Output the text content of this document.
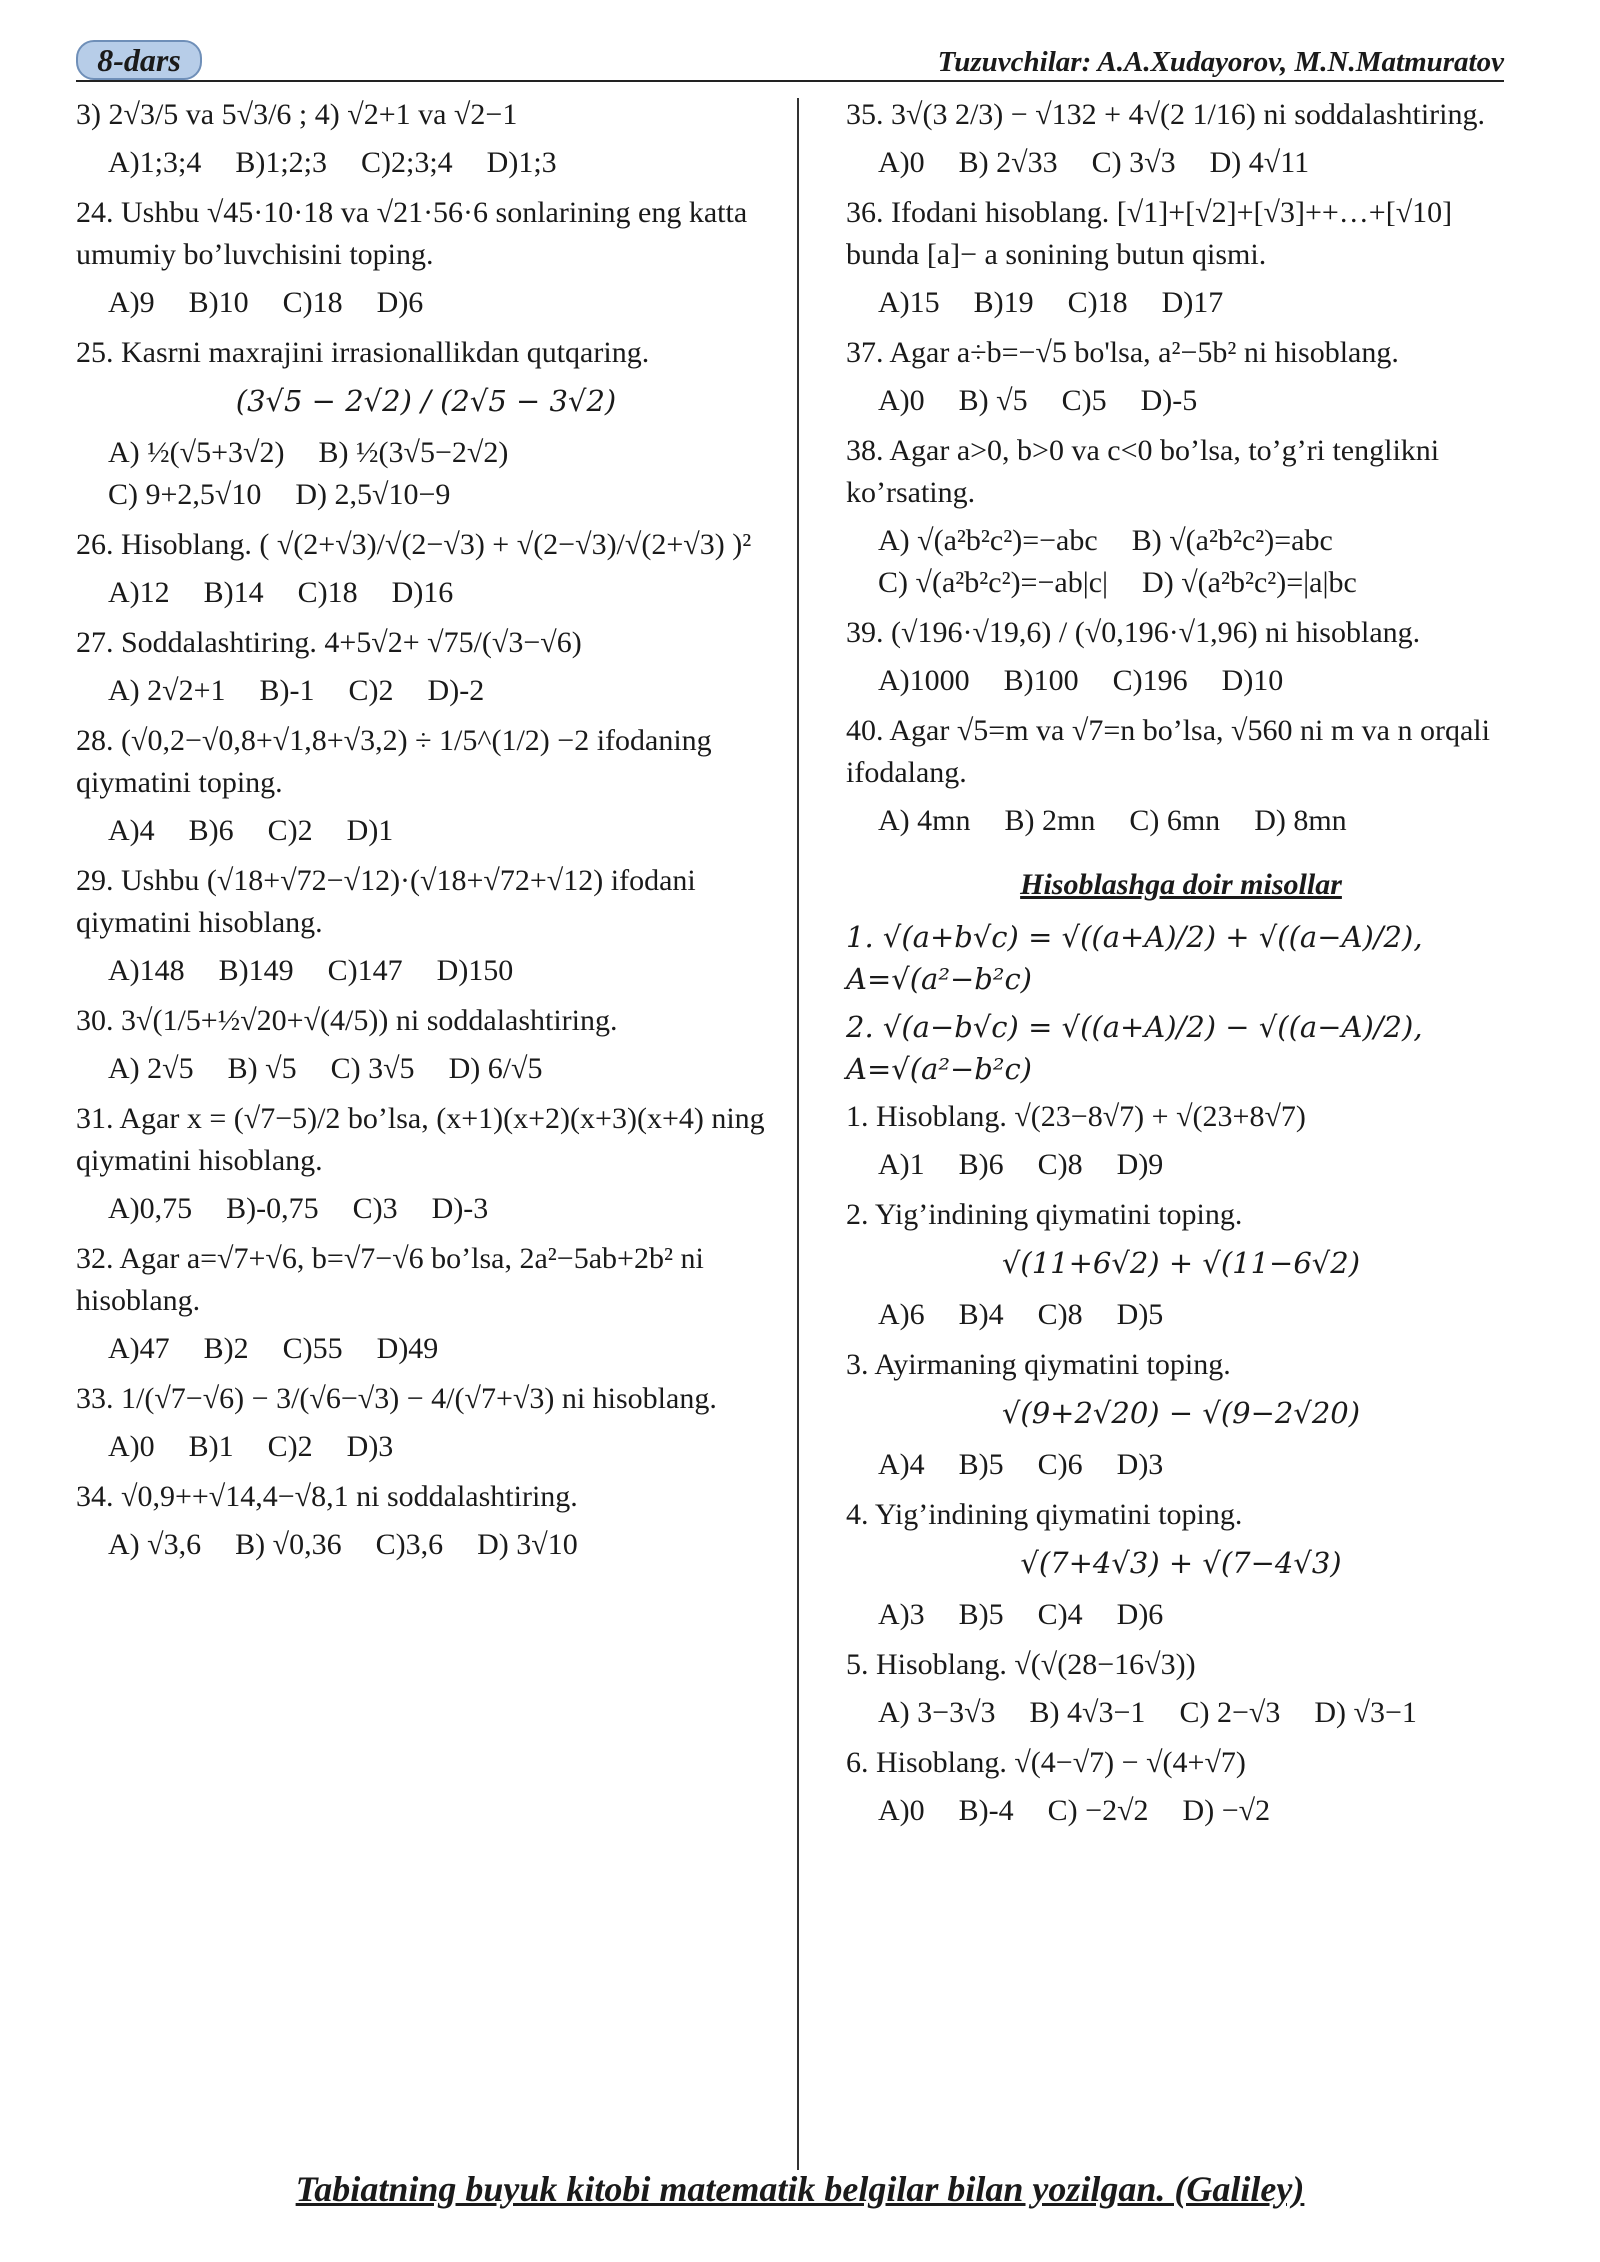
8-dars	Tuzuvchilar: A.A.Xudayorov, M.N.Matmuratov
3) 2√3/5 va 5√3/6 ; 4) √2+1 va √2−1
A)1;3;4 B)1;2;3 C)2;3;4 D)1;3
24. Ushbu √45·10·18 va √21·56·6 sonlarining eng katta umumiy bo’luvchisini toping.
A)9 B)10 C)18 D)6
25. Kasrni maxrajini irrasionallikdan qutqaring.
(3√5 − 2√2) / (2√5 − 3√2)
A) ½(√5+3√2) B) ½(3√5−2√2)
C) 9+2,5√10 D) 2,5√10−9
26. Hisoblang. ( √(2+√3)/√(2−√3) + √(2−√3)/√(2+√3) )²
A)12 B)14 C)18 D)16
27. Soddalashtiring. 4+5√2+ √75/(√3−√6)
A) 2√2+1 B)-1 C)2 D)-2
28. (√0,2−√0,8+√1,8+√3,2) ÷ 1/5^(1/2) −2 ifodaning qiymatini toping.
A)4 B)6 C)2 D)1
29. Ushbu (√18+√72−√12)·(√18+√72+√12) ifodani qiymatini hisoblang.
A)148 B)149 C)147 D)150
30. 3√(1/5+½√20+√(4/5)) ni soddalashtiring.
A) 2√5 B) √5 C) 3√5 D) 6/√5
31. Agar x = (√7−5)/2 bo’lsa, (x+1)(x+2)(x+3)(x+4) ning qiymatini hisoblang.
A)0,75 B)-0,75 C)3 D)-3
32. Agar a=√7+√6, b=√7−√6 bo’lsa, 2a²−5ab+2b² ni hisoblang.
A)47 B)2 C)55 D)49
33. 1/(√7−√6) − 3/(√6−√3) − 4/(√7+√3) ni hisoblang.
A)0 B)1 C)2 D)3
34. √0,9++√14,4−√8,1 ni soddalashtiring.
A) √3,6 B) √0,36 C)3,6 D) 3√10
35. 3√(3 2/3) − √132 + 4√(2 1/16) ni soddalashtiring.
A)0 B) 2√33 C) 3√3 D) 4√11
36. Ifodani hisoblang. [√1]+[√2]+[√3]++…+[√10] bunda [a]− a sonining butun qismi.
A)15 B)19 C)18 D)17
37. Agar a÷b=−√5 bo'lsa, a²−5b² ni hisoblang.
A)0 B) √5 C)5 D)-5
38. Agar a>0, b>0 va c<0 bo’lsa, to’g’ri tenglikni ko’rsating.
A) √(a²b²c²)=−abc B) √(a²b²c²)=abc
C) √(a²b²c²)=−ab|c| D) √(a²b²c²)=|a|bc
39. (√196·√19,6) / (√0,196·√1,96) ni hisoblang.
A)1000 B)100 C)196 D)10
40. Agar √5=m va √7=n bo’lsa, √560 ni m va n orqali ifodalang.
A) 4mn B) 2mn C) 6mn D) 8mn
Hisoblashga doir misollar
1. √(a+b√c) = √((a+A)/2) + √((a−A)/2), A=√(a²−b²c)
2. √(a−b√c) = √((a+A)/2) − √((a−A)/2), A=√(a²−b²c)
1. Hisoblang. √(23−8√7) + √(23+8√7)
A)1 B)6 C)8 D)9
2. Yig’indining qiymatini toping.
√(11+6√2) + √(11−6√2)
A)6 B)4 C)8 D)5
3. Ayirmaning qiymatini toping.
√(9+2√20) − √(9−2√20)
A)4 B)5 C)6 D)3
4. Yig’indining qiymatini toping.
√(7+4√3) + √(7−4√3)
A)3 B)5 C)4 D)6
5. Hisoblang. √(√(28−16√3))
A) 3−3√3 B) 4√3−1 C) 2−√3 D) √3−1
6. Hisoblang. √(4−√7) − √(4+√7)
A)0 B)-4 C) −2√2 D) −√2
Tabiatning buyuk kitobi matematik belgilar bilan yozilgan. (Galiley)
